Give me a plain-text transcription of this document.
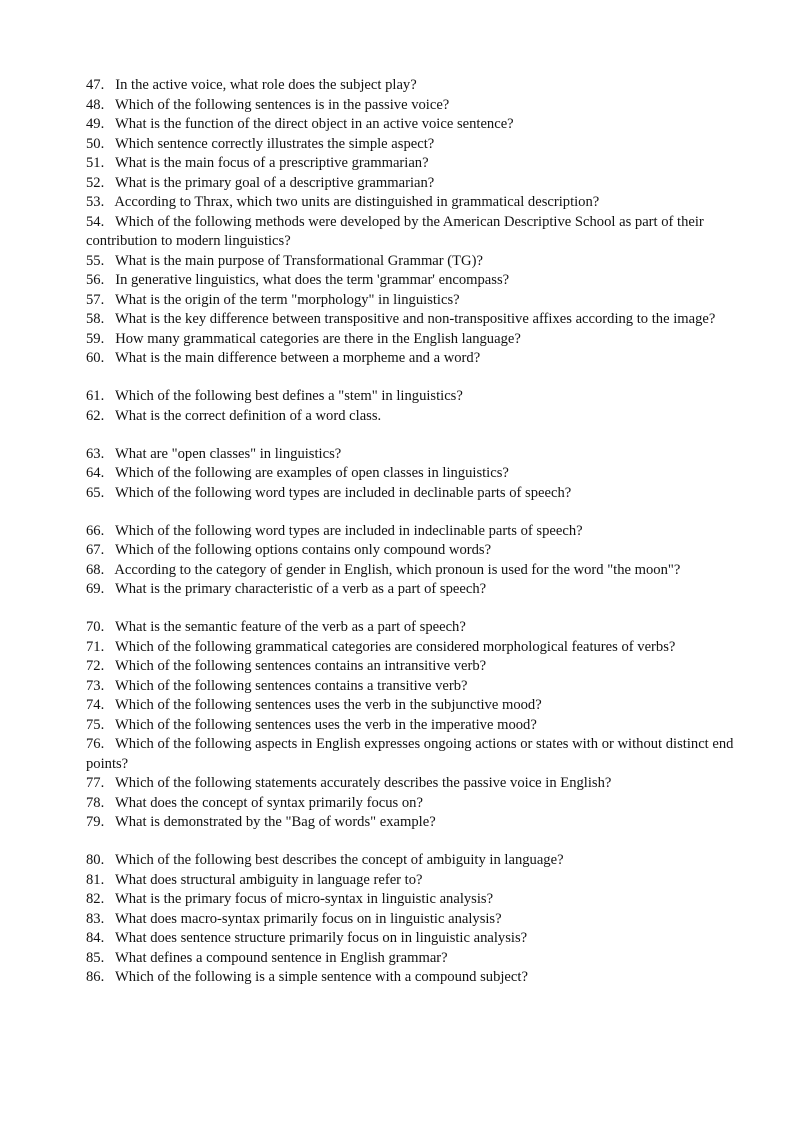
47. In the active voice, what role does the subject play?

48. Which of the following sentences is in the passive voice?

49. What is the function of the direct object in an active voice sentence?

50. Which sentence correctly illustrates the simple aspect?

51. What is the main focus of a prescriptive grammarian?

52. What is the primary goal of a descriptive grammarian?

53. According to Thrax, which two units are distinguished in grammatical description?

54. Which of the following methods were developed by the American Descriptive School as part of their contribution to modern linguistics?

55. What is the main purpose of Transformational Grammar (TG)?

56. In generative linguistics, what does the term 'grammar' encompass?

57. What is the origin of the term "morphology" in linguistics?

58. What is the key difference between transpositive and non-transpositive affixes according to the image?

59. How many grammatical categories are there in the English language?

60. What is the main difference between a morpheme and a word?

61. Which of the following best defines a "stem" in linguistics?

62. What is the correct definition of a word class.

63. What are "open classes" in linguistics?

64. Which of the following are examples of open classes in linguistics?

65. Which of the following word types are included in declinable parts of speech?

66. Which of the following word types are included in indeclinable parts of speech?

67. Which of the following options contains only compound words?

68. According to the category of gender in English, which pronoun is used for the word "the moon"?

69. What is the primary characteristic of a verb as a part of speech?

70. What is the semantic feature of the verb as a part of speech?

71. Which of the following grammatical categories are considered morphological features of verbs?

72. Which of the following sentences contains an intransitive verb?

73. Which of the following sentences contains a transitive verb?

74. Which of the following sentences uses the verb in the subjunctive mood?

75. Which of the following sentences uses the verb in the imperative mood?

76. Which of the following aspects in English expresses ongoing actions or states with or without distinct end points?

77. Which of the following statements accurately describes the passive voice in English?

78. What does the concept of syntax primarily focus on?

79. What is demonstrated by the "Bag of words" example?

80. Which of the following best describes the concept of ambiguity in language?

81. What does structural ambiguity in language refer to?

82. What is the primary focus of micro-syntax in linguistic analysis?

83. What does macro-syntax primarily focus on in linguistic analysis?

84. What does sentence structure primarily focus on in linguistic analysis?

85. What defines a compound sentence in English grammar?

86. Which of the following is a simple sentence with a compound subject?
